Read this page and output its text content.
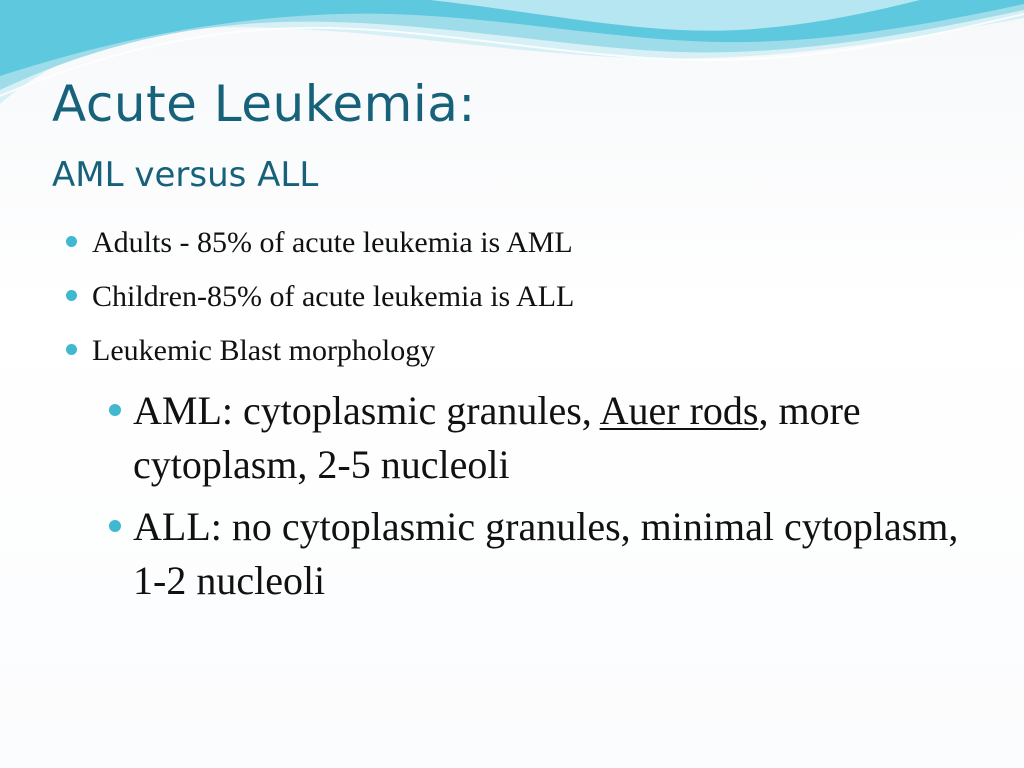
Acute Leukemia:
AML versus ALL
Adults - 85% of acute leukemia is AML
Children-85% of acute leukemia is ALL
Leukemic Blast morphology
AML: cytoplasmic granules, Auer rods, more cytoplasm, 2-5 nucleoli
ALL: no cytoplasmic granules, minimal cytoplasm, 1-2 nucleoli
